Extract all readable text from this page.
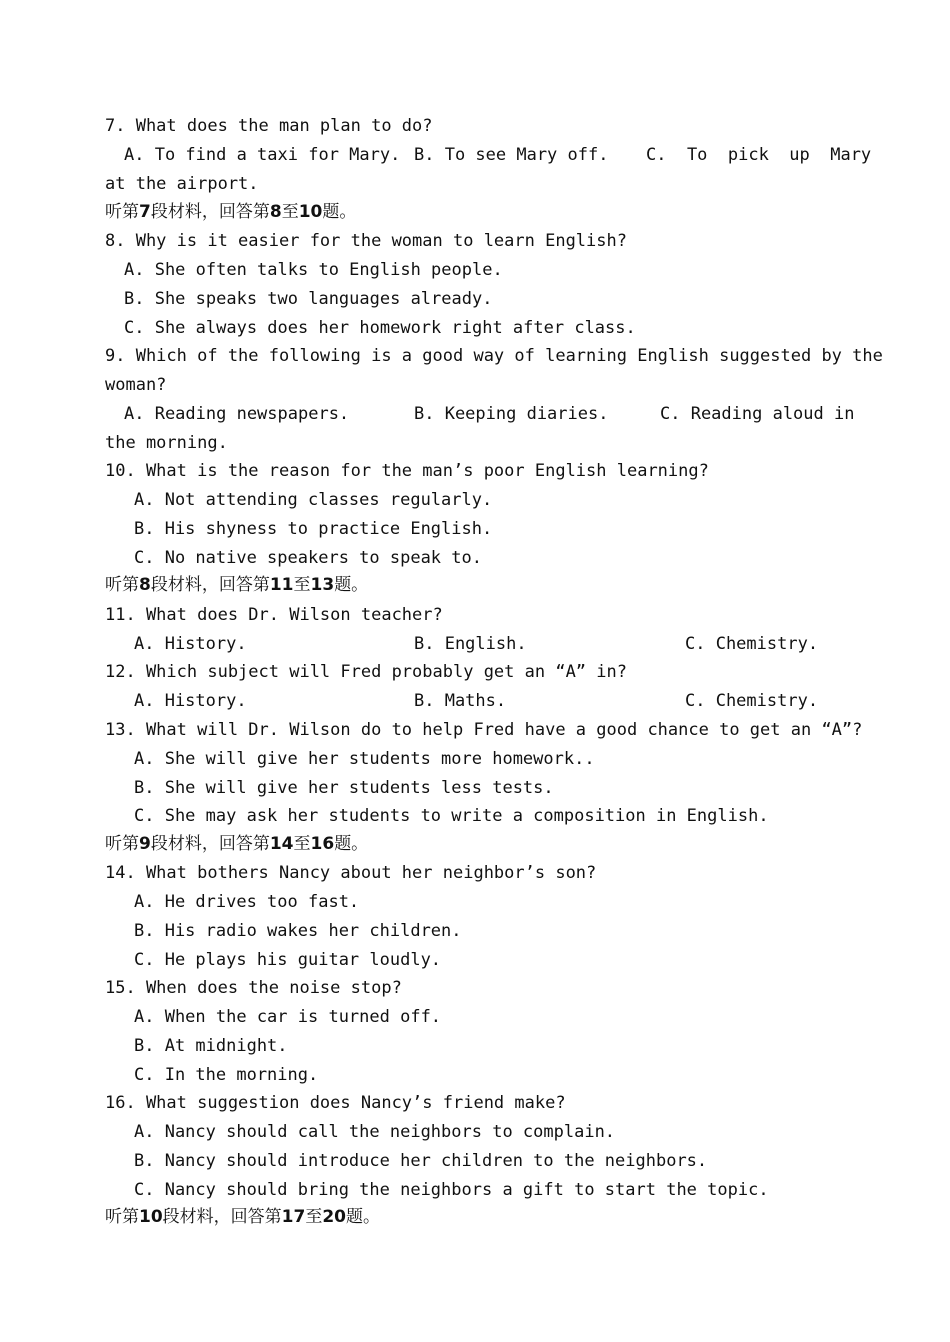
7. What does the man plan to do?
A. To find a taxi for Mary. B. To see Mary off. C.  To  pick  up  Mary
at the airport.
听第7段材料，回答第8至10题。
8. Why is it easier for the woman to learn English?
A. She often talks to English people.
B. She speaks two languages already.
C. She always does her homework right after class.
9. Which of the following is a good way of learning English suggested by the
woman?
A. Reading newspapers.	B. Keeping diaries.	C. Reading aloud in
the morning.
10. What is the reason for the man’s poor English learning?
A. Not attending classes regularly.
B. His shyness to practice English.
C. No native speakers to speak to.
听第8段材料，回答第11至13题。
11. What does Dr. Wilson teacher?
A. History.	B. English.	C. Chemistry.
12. Which subject will Fred probably get an “A” in?
A. History.	B. Maths.	C. Chemistry.
13. What will Dr. Wilson do to help Fred have a good chance to get an “A”?
A. She will give her students more homework..
B. She will give her students less tests.
C. She may ask her students to write a composition in English.
听第9段材料，回答第14至16题。
14. What bothers Nancy about her neighbor’s son?
A. He drives too fast.
B. His radio wakes her children.
C. He plays his guitar loudly.
15. When does the noise stop?
A. When the car is turned off.
B. At midnight.
C. In the morning.
16. What suggestion does Nancy’s friend make?
A. Nancy should call the neighbors to complain.
B. Nancy should introduce her children to the neighbors.
C. Nancy should bring the neighbors a gift to start the topic.
听第10段材料，回答第17至20题。
